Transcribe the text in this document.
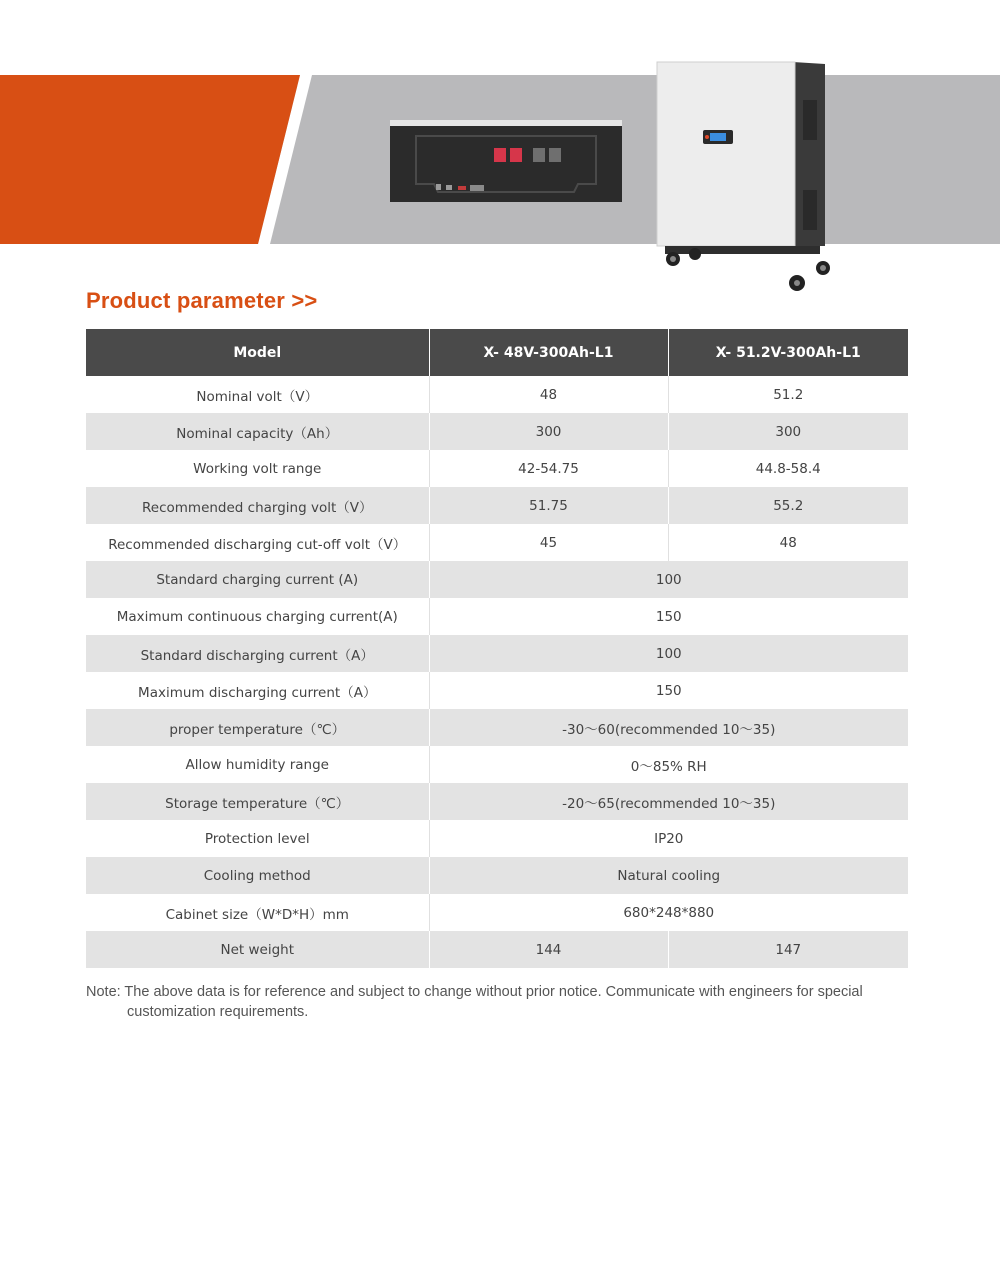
Product parameter >>
Model	X- 48V-300Ah-L1	X- 51.2V-300Ah-L1
Nominal volt（V）	48	51.2
Nominal capacity（Ah）	300	300
Working volt range	42-54.75	44.8-58.4
Recommended charging volt（V）	51.75	55.2
Recommended discharging cut-off volt（V）	45	48
Standard charging current (A)	100	
Maximum continuous charging current(A)	150	
Standard discharging current（A）	100	
Maximum discharging current（A）	150	
proper temperature（℃）	-30～60(recommended 10～35)	
Allow humidity range	0～85% RH	
Storage temperature（℃）	-20～65(recommended 10～35)	
Protection level	IP20	
Cooling method	Natural cooling	
Cabinet size（W*D*H）mm	680*248*880	
Net weight	144	147

Note: The above data is for reference and subject to change without prior notice. Communicate with engineers for special customization requirements.
